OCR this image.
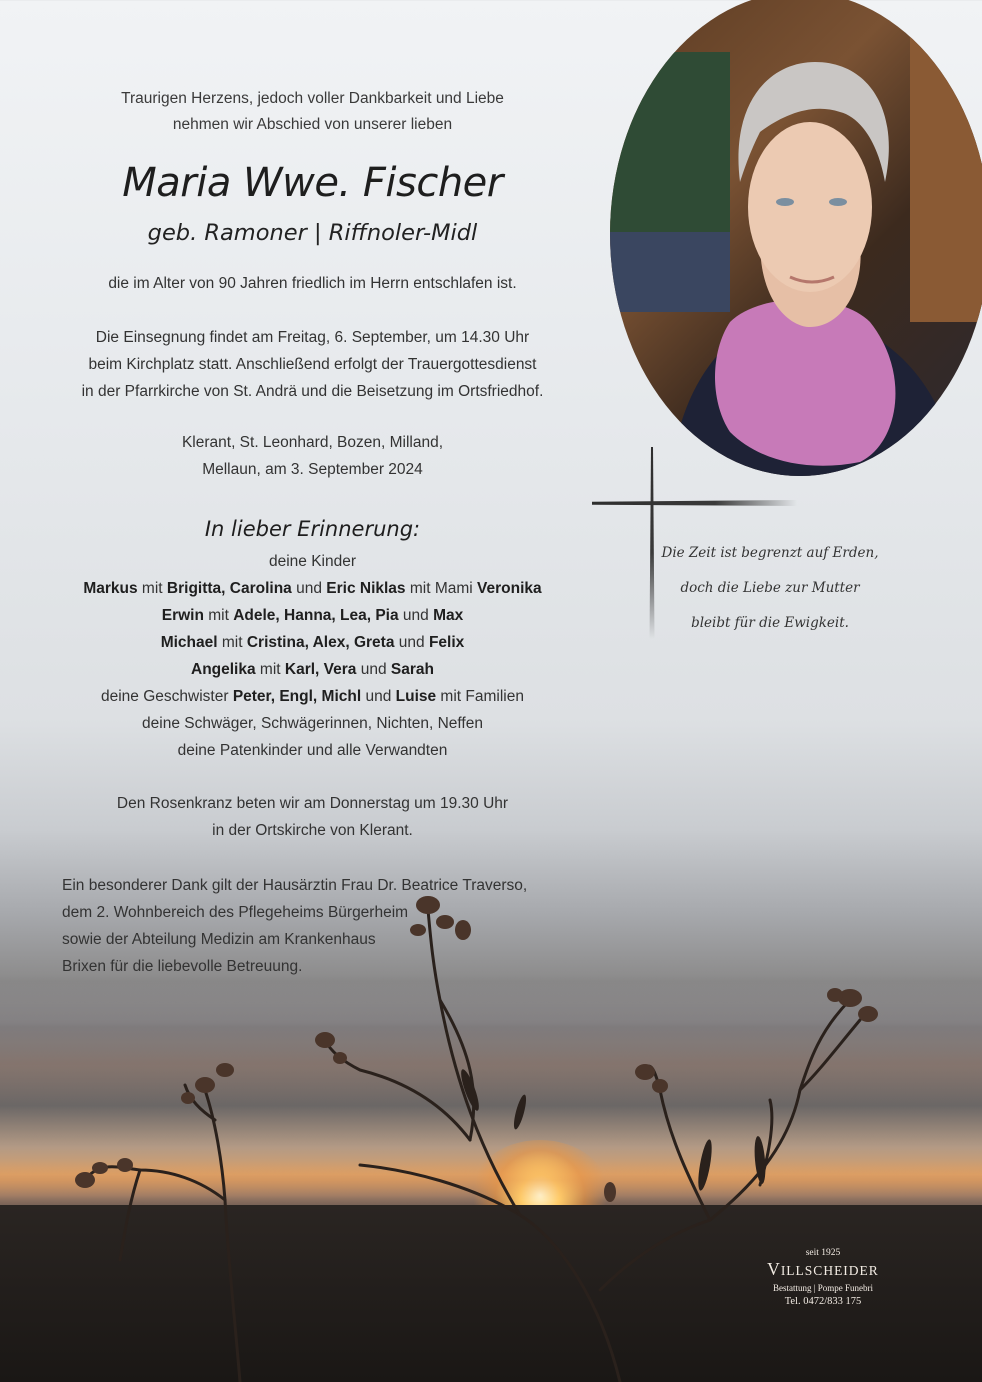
Traurigen Herzens, jedoch voller Dankbarkeit und Liebe
nehmen wir Abschied von unserer lieben
Maria Wwe. Fischer
geb. Ramoner | Riffnoler-Midl
die im Alter von 90 Jahren friedlich im Herrn entschlafen ist.
Die Einsegnung findet am Freitag, 6. September, um 14.30 Uhr
beim Kirchplatz statt. Anschließend erfolgt der Trauergottesdienst
in der Pfarrkirche von St. Andrä und die Beisetzung im Ortsfriedhof.
Klerant, St. Leonhard, Bozen, Milland,
Mellaun, am 3. September 2024
In lieber Erinnerung:
deine Kinder
Markus mit Brigitta, Carolina und Eric Niklas mit Mami Veronika
Erwin mit Adele, Hanna, Lea, Pia und Max
Michael mit Cristina, Alex, Greta und Felix
Angelika mit Karl, Vera und Sarah
deine Geschwister Peter, Engl, Michl und Luise mit Familien
deine Schwäger, Schwägerinnen, Nichten, Neffen
deine Patenkinder und alle Verwandten
Den Rosenkranz beten wir am Donnerstag um 19.30 Uhr
in der Ortskirche von Klerant.
Ein besonderer Dank gilt der Hausärztin Frau Dr. Beatrice Traverso,
dem 2. Wohnbereich des Pflegeheims Bürgerheim
sowie der Abteilung Medizin am Krankenhaus
Brixen für die liebevolle Betreuung.
Die Zeit ist begrenzt auf Erden,
doch die Liebe zur Mutter
bleibt für die Ewigkeit.
seit 1925
VILLSCHEIDER
Bestattung | Pompe Funebri
Tel. 0472/833 175
